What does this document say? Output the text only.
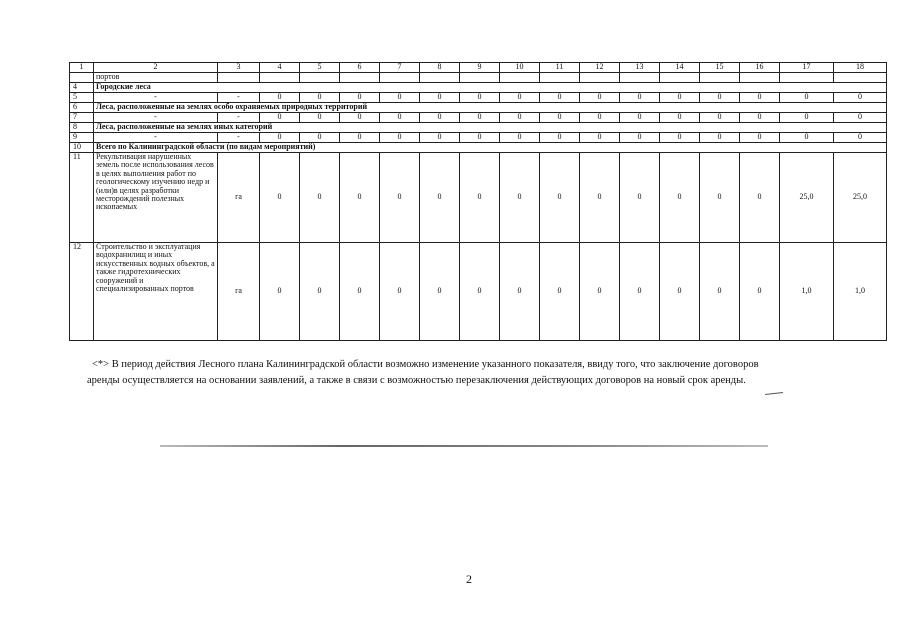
1	2	3	4	5	6	7	8	9	10	11	12	13	14	15	16	17	18
	портов																
4	Городские леса																
5	-	-	0	0	0	0	0	0	0	0	0	0	0	0	0	0	0
6	Леса, расположенные на землях особо охраняемых природных территорий																
7	-	-	0	0	0	0	0	0	0	0	0	0	0	0	0	0	0
8	Леса, расположенные на землях иных категорий																
9	-	-	0	0	0	0	0	0	0	0	0	0	0	0	0	0	0
10	Всего по Калининградской области (по видам мероприятий)																
11	Рекультивация нарушенных земель после использования лесов в целях выполнения работ по геологическому изучению недр и (или)в целях разработки месторождений полезных ископаемых	га	0	0	0	0	0	0	0	0	0	0	0	0	0	25,0	25,0
12	Строительство и эксплуатация водохранилищ и иных искусственных водных объектов, а также гидротехнических сооружений и специализированных портов	га	0	0	0	0	0	0	0	0	0	0	0	0	0	1,0	1,0

<*> В период действия Лесного плана Калининградской области возможно изменение указанного показателя, ввиду того, что заключение договоров

аренды осуществляется на основании заявлений, а также в связи с возможностью перезаключения действующих договоров на новый срок аренды.

2
